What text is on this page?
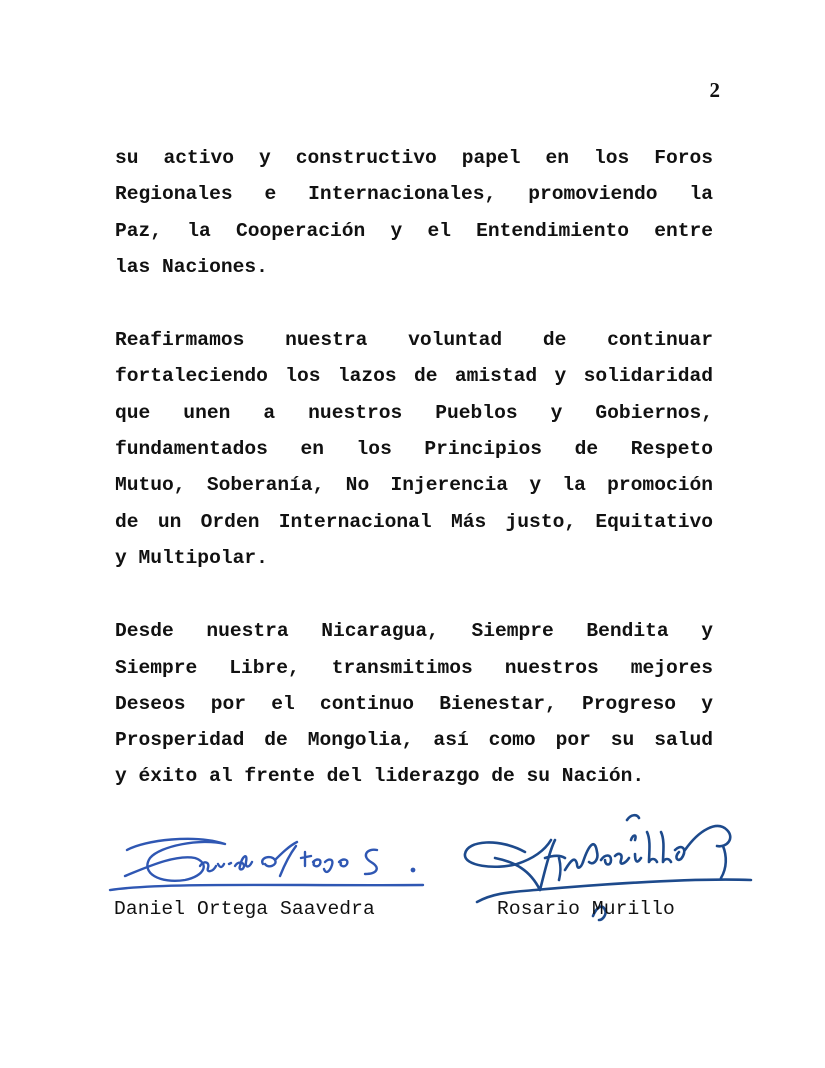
2
su activo y constructivo papel en los Foros
Regionales e Internacionales, promoviendo la
Paz, la Cooperación y el Entendimiento entre
las Naciones.
Reafirmamos nuestra voluntad de continuar
fortaleciendo los lazos de amistad y solidaridad
que unen a nuestros Pueblos y Gobiernos,
fundamentados en los Principios de Respeto
Mutuo, Soberanía, No Injerencia y la promoción
de un Orden Internacional Más justo, Equitativo
y Multipolar.
Desde nuestra Nicaragua, Siempre Bendita y
Siempre Libre, transmitimos nuestros mejores
Deseos por el continuo Bienestar, Progreso y
Prosperidad de Mongolia, así como por su salud
y éxito al frente del liderazgo de su Nación.
Daniel Ortega Saavedra	Rosario Murillo
